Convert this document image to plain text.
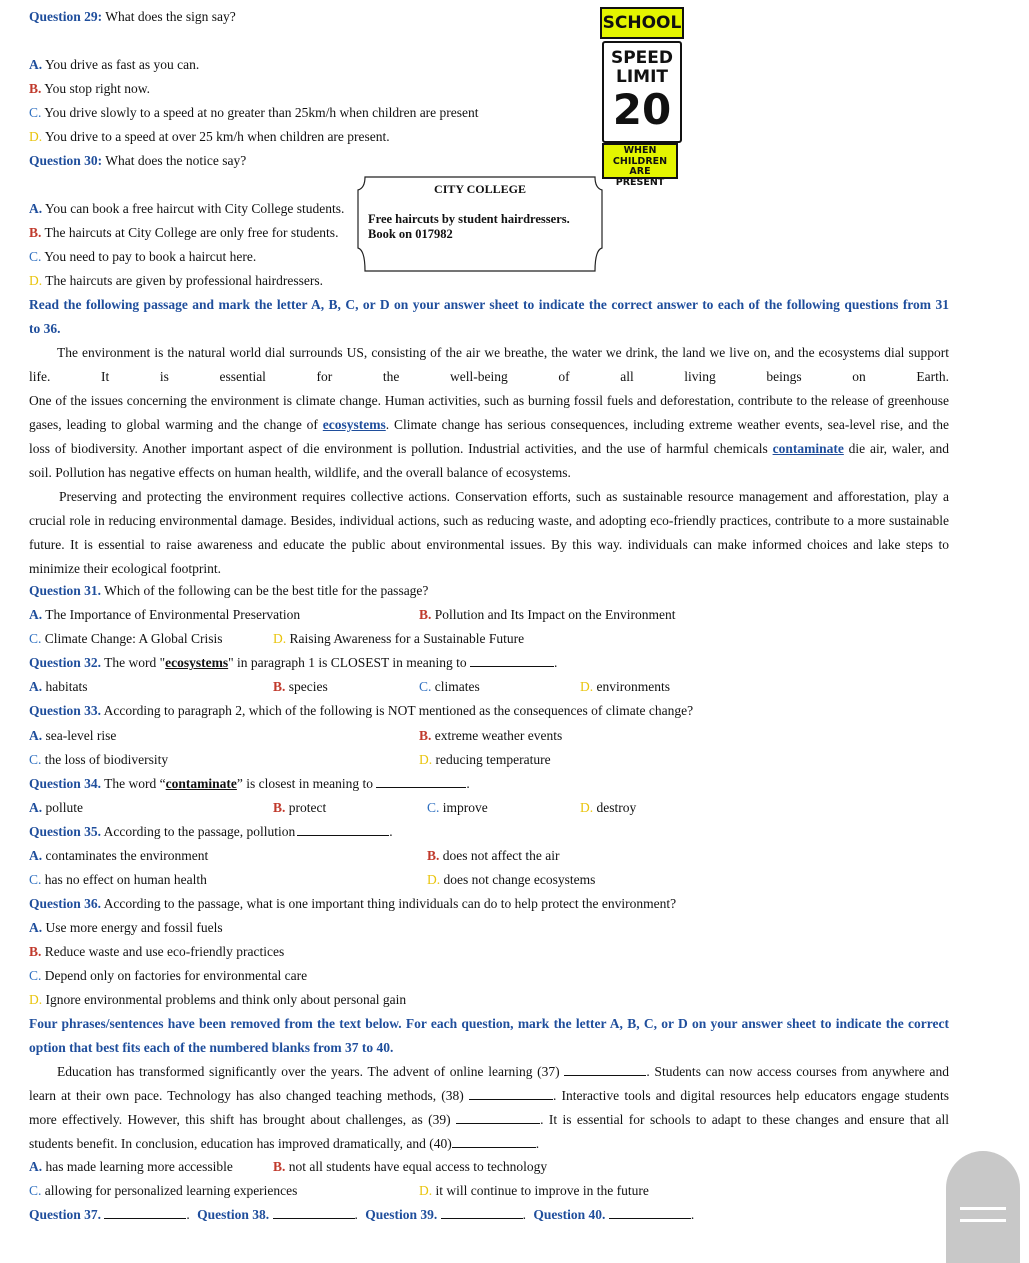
Question 29: What does the sign say?
A. You drive as fast as you can.
B. You stop right now.
C. You drive slowly to a speed at no greater than 25km/h when children are present
D. You drive to a speed at over 25 km/h when children are present.
SCHOOL
SPEED
LIMIT
20
WHEN
CHILDREN
ARE PRESENT
Question 30: What does the notice say?
A. You can book a free haircut with City College students.
B. The haircuts at City College are only free for students.
C. You need to pay to book a haircut here.
D. The haircuts are given by professional hairdressers.
CITY COLLEGE
Free haircuts by student hairdressers.
Book on 017982
Read the following passage and mark the letter A, B, C, or D on your answer sheet to indicate the correct answer to each of the following questions from 31
to 36.
The environment is the natural world dial surrounds US, consisting of the air we breathe, the water we drink, the land we live on, and the ecosystems dial support
life. It is essential for the well-being of all living beings on Earth.
One of the issues concerning the environment is climate change. Human activities, such as burning fossil fuels and deforestation, contribute to the release of greenhouse
gases, leading to global warming and the change of ecosystems. Climate change has serious consequences, including extreme weather events, sea-level rise, and the
loss of biodiversity. Another important aspect of die environment is pollution. Industrial activities, and the use of harmful chemicals contaminate die air, waler, and
soil. Pollution has negative effects on human health, wildlife, and the overall balance of ecosystems.
Preserving and protecting the environment requires collective actions. Conservation efforts, such as sustainable resource management and afforestation, play a
crucial role in reducing environmental damage. Besides, individual actions, such as reducing waste, and adopting eco-friendly practices, contribute to a more sustainable
future. It is essential to raise awareness and educate the public about environmental issues. By this way. individuals can make informed choices and lake steps to
minimize their ecological footprint.
Question 31. Which of the following can be the best title for the passage?
A. The Importance of Environmental Preservation	B. Pollution and Its Impact on the Environment
C. Climate Change: A Global Crisis	D. Raising Awareness for a Sustainable Future
Question 32. The word "ecosystems" in paragraph 1 is CLOSEST in meaning to	.
A. habitats	B. species	C. climates	D. environments
Question 33. According to paragraph 2, which of the following is NOT mentioned as the consequences of climate change?
A. sea-level rise	B. extreme weather events
C. the loss of biodiversity	D. reducing temperature
Question 34. The word “contaminate” is closest in meaning to	.
A. pollute	B. protect	C. improve	D. destroy
Question 35. According to the passage, pollution	.
A. contaminates the environment	B. does not affect the air
C. has no effect on human health	D. does not change ecosystems
Question 36. According to the passage, what is one important thing individuals can do to help protect the environment?
A. Use more energy and fossil fuels
B. Reduce waste and use eco-friendly practices
C. Depend only on factories for environmental care
D. Ignore environmental problems and think only about personal gain
Four phrases/sentences have been removed from the text below. For each question, mark the letter A, B, C, or D on your answer sheet to indicate the correct
option that best fits each of the numbered blanks from 37 to 40.
Education has transformed significantly over the years. The advent of online learning (37)	. Students can now access courses from anywhere and
learn at their own pace. Technology has also changed teaching methods, (38)	. Interactive tools and digital resources help educators engage students
more effectively. However, this shift has brought about challenges, as (39)	. It is essential for schools to adapt to these changes and ensure that all
students benefit. In conclusion, education has improved dramatically, and (40)	.
A. has made learning more accessible	B. not all students have equal access to technology
C. allowing for personalized learning experiences	D. it will continue to improve in the future
Question 37.	. Question 38.	. Question 39.	. Question 40.	.
